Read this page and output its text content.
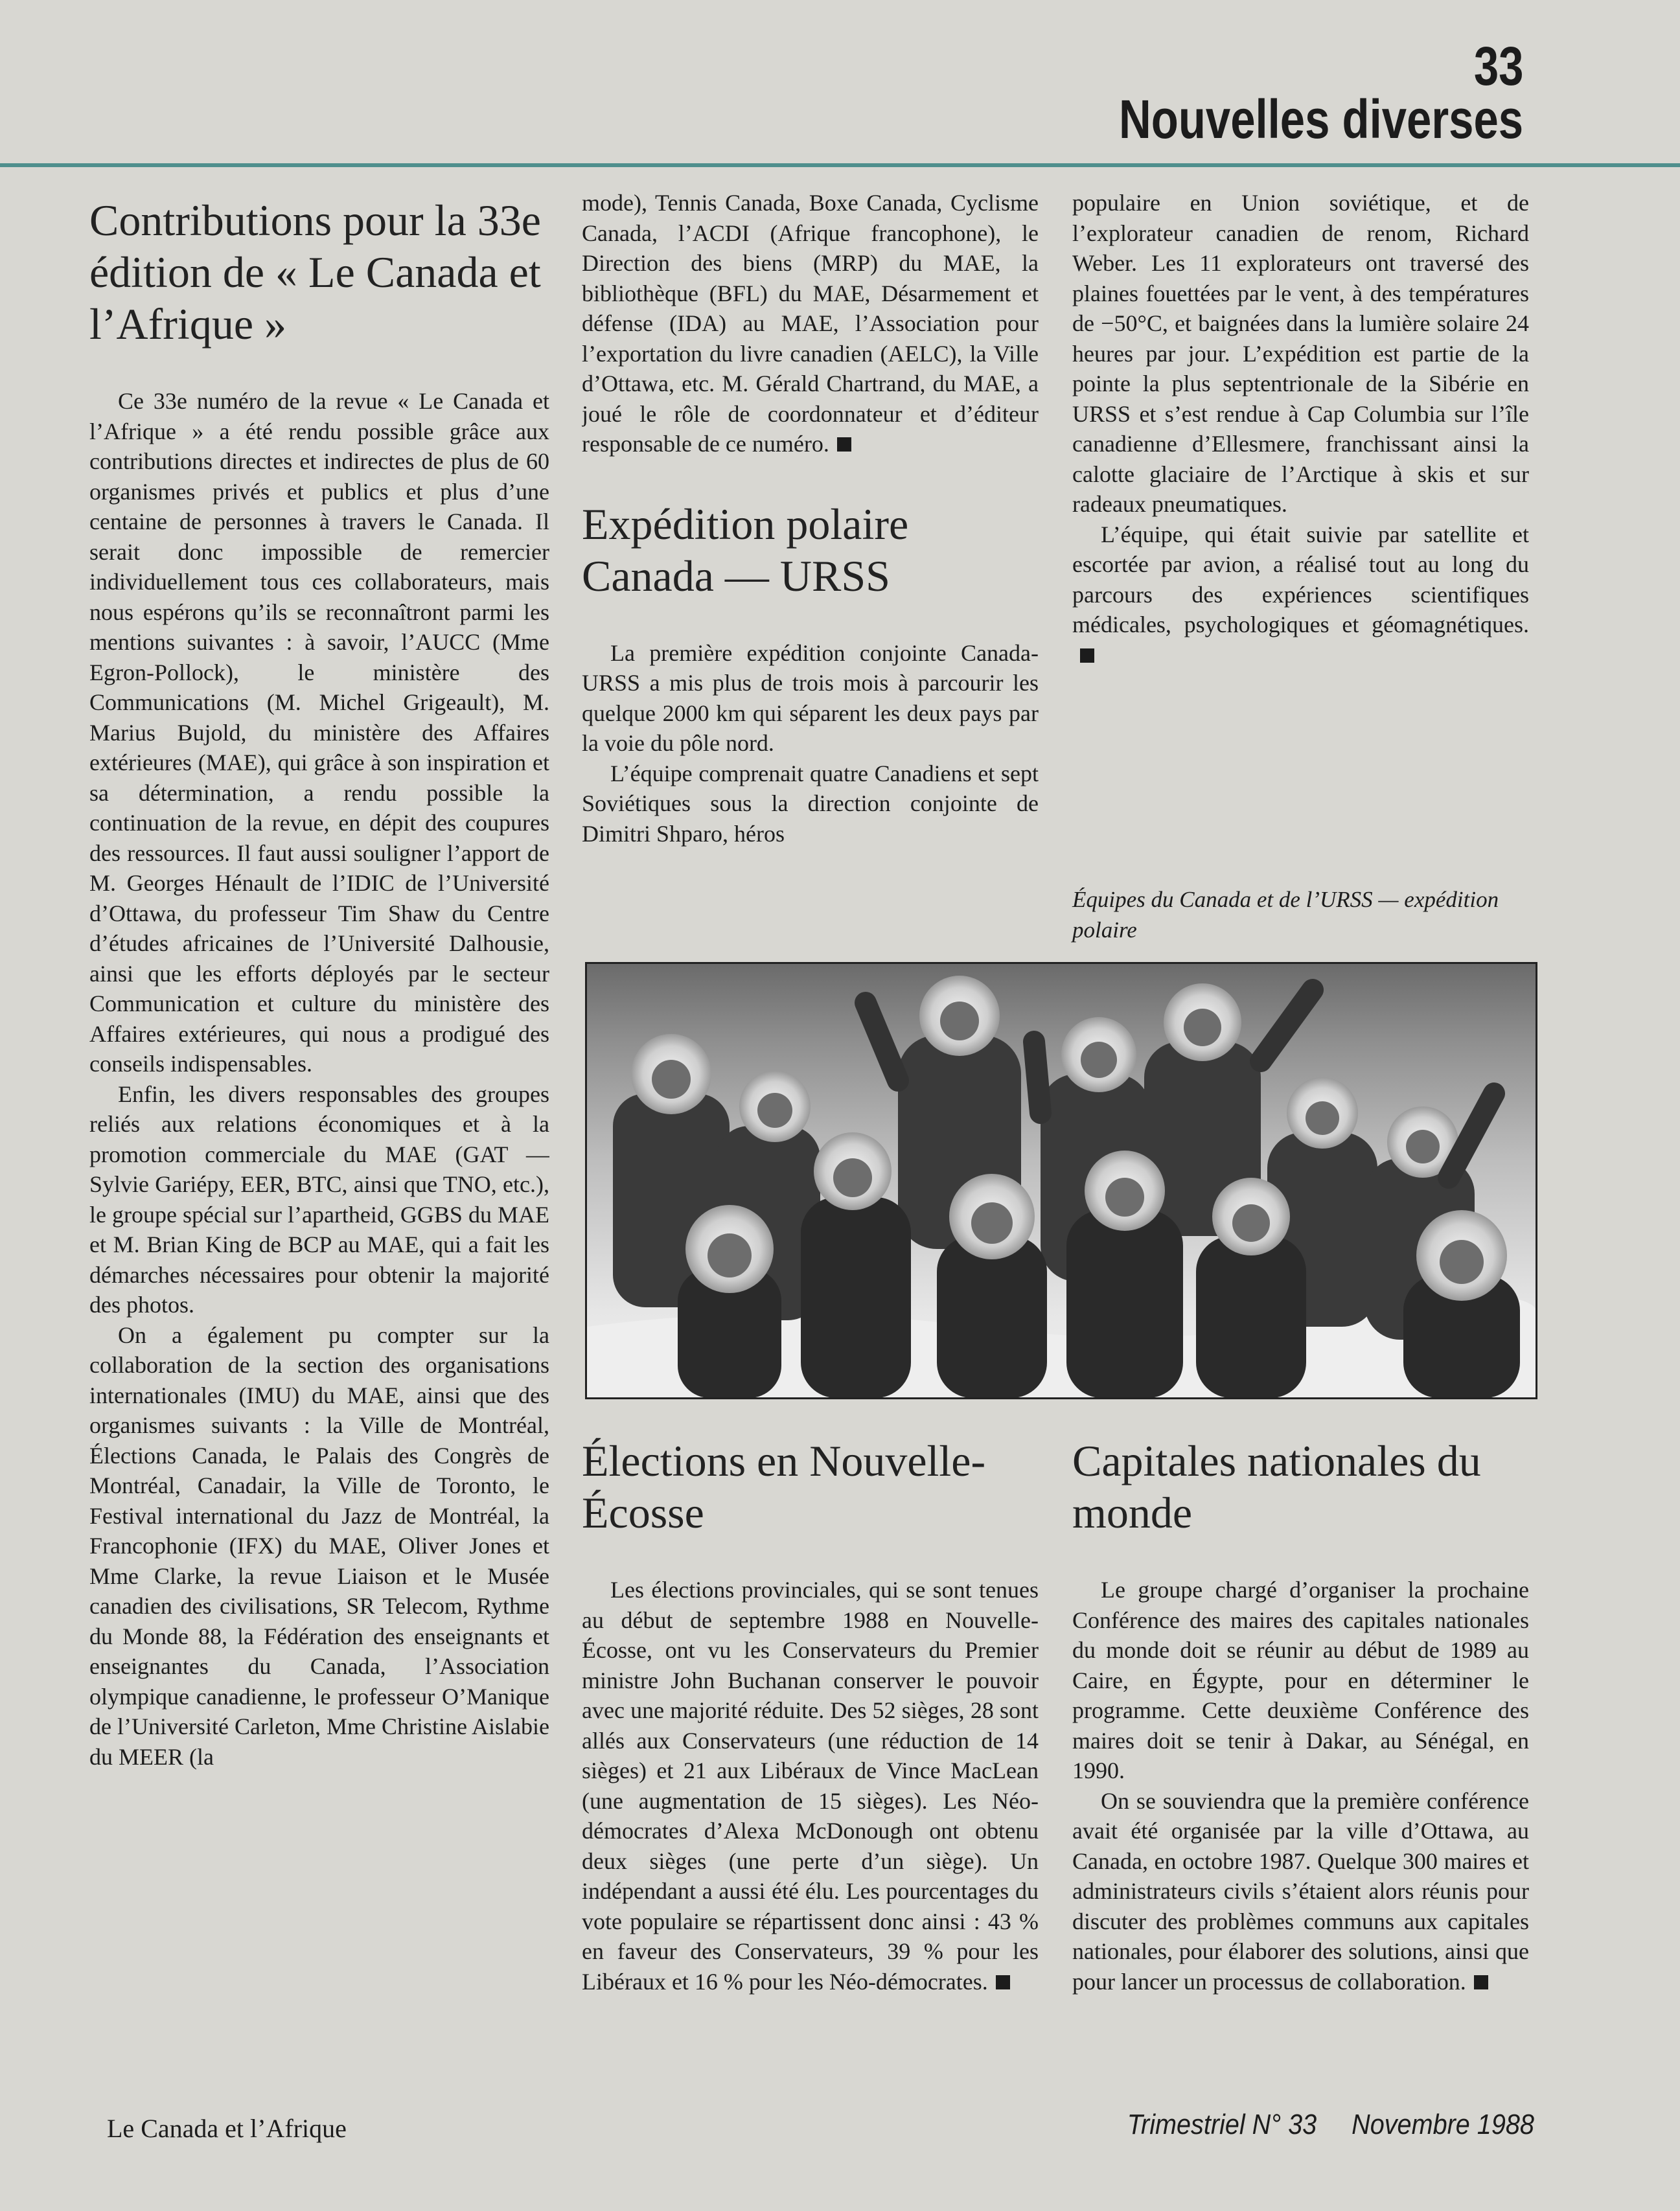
33
Nouvelles diverses
Contributions pour la 33e édition de « Le Canada et l’Afrique »

Ce 33e numéro de la revue « Le Canada et l’Afrique » a été rendu possible grâce aux contributions directes et indirectes de plus de 60 organismes privés et publics et plus d’une centaine de personnes à travers le Canada. Il serait donc impossible de remercier individuellement tous ces collaborateurs, mais nous espérons qu’ils se reconnaîtront parmi les mentions suivantes : à savoir, l’AUCC (Mme Egron-Pollock), le ministère des Communications (M. Michel Grigeault), M. Marius Bujold, du ministère des Affaires extérieures (MAE), qui grâce à son inspiration et sa détermination, a rendu possible la continuation de la revue, en dépit des coupures des ressources. Il faut aussi souligner l’apport de M. Georges Hénault de l’IDIC de l’Université d’Ottawa, du professeur Tim Shaw du Centre d’études africaines de l’Université Dalhousie, ainsi que les efforts déployés par le secteur Communication et culture du ministère des Affaires extérieures, qui nous a prodigué des conseils indispensables.

Enfin, les divers responsables des groupes reliés aux relations économiques et à la promotion commerciale du MAE (GAT — Sylvie Gariépy, EER, BTC, ainsi que TNO, etc.), le groupe spécial sur l’apartheid, GGBS du MAE et M. Brian King de BCP au MAE, qui a fait les démarches nécessaires pour obtenir la majorité des photos.

On a également pu compter sur la collaboration de la section des organisations internationales (IMU) du MAE, ainsi que des organismes suivants : la Ville de Montréal, Élections Canada, le Palais des Congrès de Montréal, Canadair, la Ville de Toronto, le Festival international du Jazz de Montréal, la Francophonie (IFX) du MAE, Oliver Jones et Mme Clarke, la revue Liaison et le Musée canadien des civilisations, SR Telecom, Rythme du Monde 88, la Fédération des enseignants et enseignantes du Canada, l’Association olympique canadienne, le professeur O’Manique de l’Université Carleton, Mme Christine Aislabie du MEER (la

mode), Tennis Canada, Boxe Canada, Cyclisme Canada, l’ACDI (Afrique francophone), le Direction des biens (MRP) du MAE, la bibliothèque (BFL) du MAE, Désarmement et défense (IDA) au MAE, l’Association pour l’exportation du livre canadien (AELC), la Ville d’Ottawa, etc. M. Gérald Chartrand, du MAE, a joué le rôle de coordonnateur et d’éditeur responsable de ce numéro.

Expédition polaire Canada — URSS

La première expédition conjointe Canada-URSS a mis plus de trois mois à parcourir les quelque 2000 km qui séparent les deux pays par la voie du pôle nord.

L’équipe comprenait quatre Canadiens et sept Soviétiques sous la direction conjointe de Dimitri Shparo, héros

populaire en Union soviétique, et de l’explorateur canadien de renom, Richard Weber. Les 11 explorateurs ont traversé des plaines fouettées par le vent, à des températures de −50°C, et baignées dans la lumière solaire 24 heures par jour. L’expédition est partie de la pointe la plus septentrionale de la Sibérie en URSS et s’est rendue à Cap Columbia sur l’île canadienne d’Ellesmere, franchissant ainsi la calotte glaciaire de l’Arctique à skis et sur radeaux pneumatiques.

L’équipe, qui était suivie par satellite et escortée par avion, a réalisé tout au long du parcours des expériences scientifiques médicales, psychologiques et géomagnétiques.

Équipes du Canada et de l’URSS — expédition polaire
Élections en Nouvelle-Écosse

Les élections provinciales, qui se sont tenues au début de septembre 1988 en Nouvelle-Écosse, ont vu les Conservateurs du Premier ministre John Buchanan conserver le pouvoir avec une majorité réduite. Des 52 sièges, 28 sont allés aux Conservateurs (une réduction de 14 sièges) et 21 aux Libéraux de Vince MacLean (une augmentation de 15 sièges). Les Néo-démocrates d’Alexa McDonough ont obtenu deux sièges (une perte d’un siège). Un indépendant a aussi été élu. Les pourcentages du vote populaire se répartissent donc ainsi : 43 % en faveur des Conservateurs, 39 % pour les Libéraux et 16 % pour les Néo-démocrates.

Capitales nationales du monde

Le groupe chargé d’organiser la prochaine Conférence des maires des capitales nationales du monde doit se réunir au début de 1989 au Caire, en Égypte, pour en déterminer le programme. Cette deuxième Conférence des maires doit se tenir à Dakar, au Sénégal, en 1990.

On se souviendra que la première conférence avait été organisée par la ville d’Ottawa, au Canada, en octobre 1987. Quelque 300 maires et administrateurs civils s’étaient alors réunis pour discuter des problèmes communs aux capitales nationales, pour élaborer des solutions, ainsi que pour lancer un processus de collaboration.

Le Canada et l’Afrique	Trimestriel N° 33 Novembre 1988
